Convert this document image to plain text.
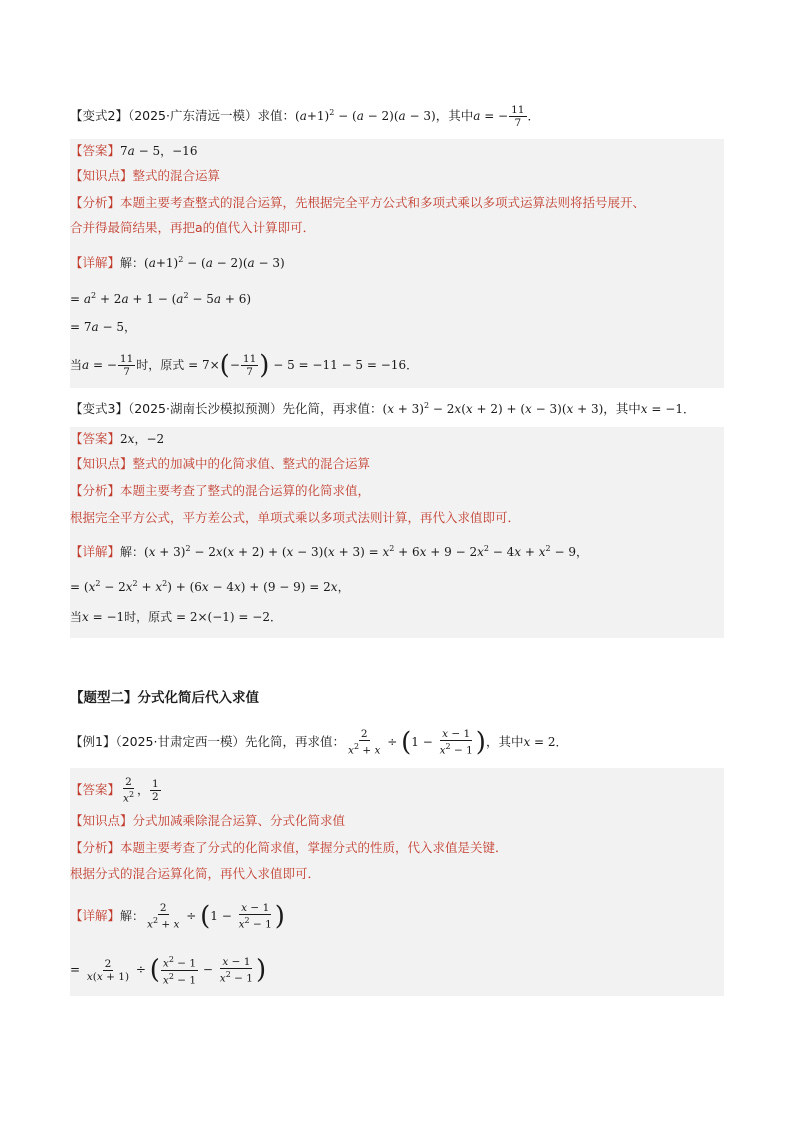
【变式2】（2025·广东清远一模）求值：$(a+1)^2 - (a - 2)(a - 3)$，其中a = − $\frac{11}{7}$ ．
【答案】7a − 5，−16
【知识点】整式的混合运算
【分析】本题主要考查整式的混合运算，先根据完全平方公式和多项式乘以多项式运算法则将括号展开、
合并得最简结果，再把a的值代入计算即可．
【详解】解：$(a+1)^2 - (a - 2)(a - 3)$
= $a^2 + 2a + 1 - (a^2 - 5a + 6)$
= 7a − 5，
当a = − $\frac{11}{7}$ 时，原式 = $7\times(- \frac{11}{7}$ ) − 5 = −11 − 5 = −16．
【变式3】（2025·湖南长沙模拟预测）先化简，再求值：$(x + 3)^2 - 2x(x + 2) + (x - 3)(x + 3)$，其中x = −1．
【答案】2x，−2
【知识点】整式的加减中的化简求值、整式的混合运算
【分析】本题主要考查了整式的混合运算的化简求值，
根据完全平方公式，平方差公式，单项式乘以多项式法则计算，再代入求值即可．
【详解】解：$(x + 3)^2 - 2x(x + 2) + (x - 3)(x + 3) = x^2 + 6x + 9 - 2x^2 - 4x + x^2 - 9$，
= $(x^2 - 2x^2 + x^2) + (6x - 4x) + (9 - 9) = 2x$，
当x = −1时，原式 = 2×(−1) = −2．
【题型二】分式化简后代入求值
【例1】（2025·甘肃定西一模）先化简，再求值： $\frac{2}{x^2 + x} \div (1 - \frac{x - 1}{x^2 - 1}$ )，其中x = 2．
【答案】 $\frac{2}{x^2}$ ， $\frac{1}{2}$
【知识点】分式加减乘除混合运算、分式化简求值
【分析】本题主要考查了分式的化简求值，掌握分式的性质，代入求值是关键．
根据分式的混合运算化简，再代入求值即可．
【详解】解： $\frac{2}{x^2 + x} \div (1 - \frac{x - 1}{x^2 - 1}$ )
= $\frac{2}{x(x + 1)}$ ÷ ( $\frac{x^2 - 1}{x^2 - 1} - \frac{x - 1}{x^2 - 1}$ )
